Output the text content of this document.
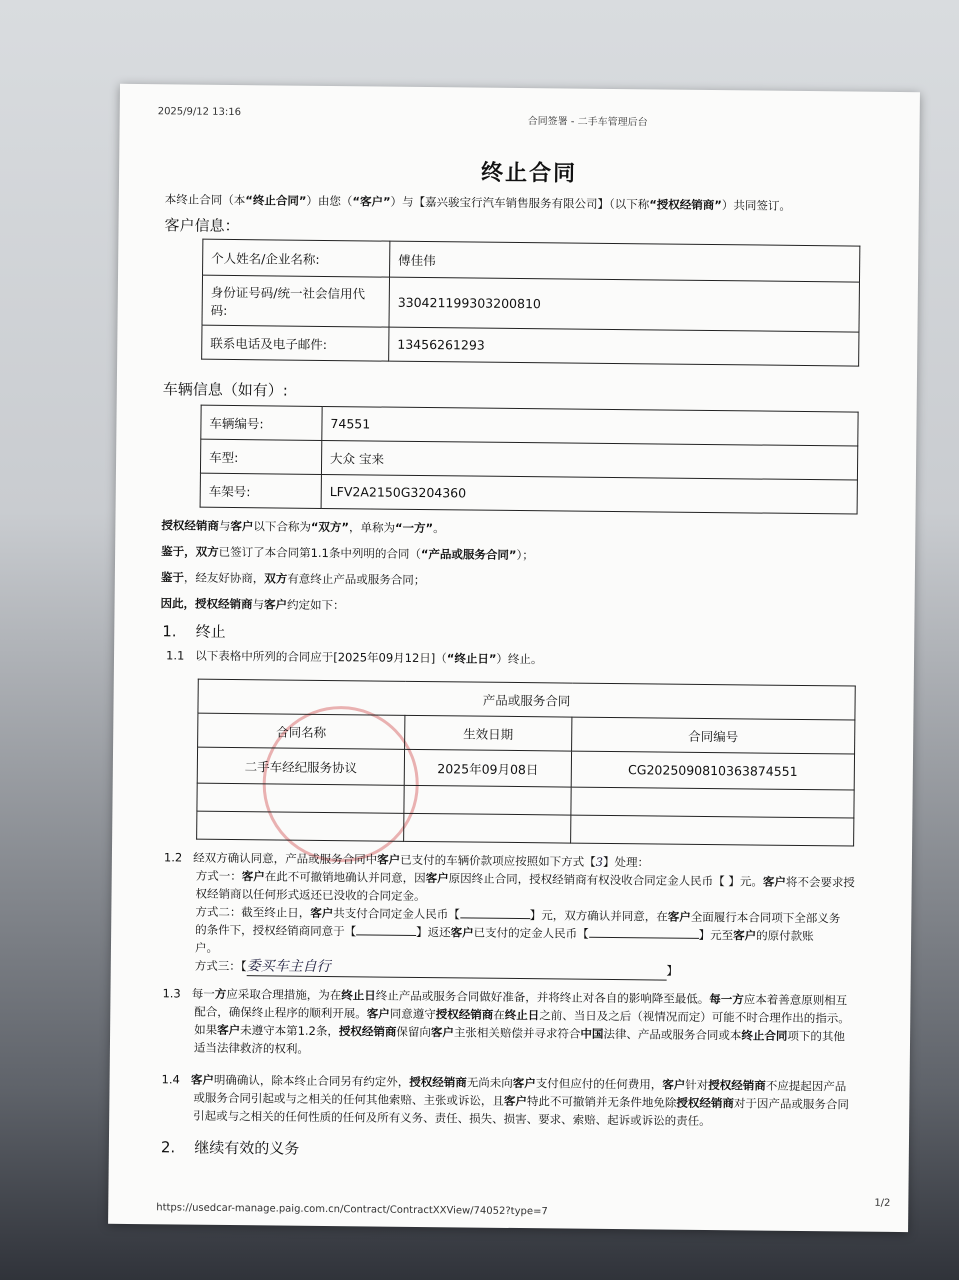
2025/9/12 13:16
合同签署 - 二手车管理后台
终止合同
本终止合同（本“终止合同”）由您（“客户”）与【嘉兴骏宝行汽车销售服务有限公司】（以下称“授权经销商”）共同签订。
客户信息：
个人姓名/企业名称:	傅佳伟
身份证号码/统一社会信用代码:	330421199303200810
联系电话及电子邮件:	13456261293
车辆信息（如有）:
车辆编号:	74551
车型:	大众 宝来
车架号:	LFV2A2150G3204360
授权经销商与客户以下合称为“双方”，单称为“一方”。
鉴于，双方已签订了本合同第1.1条中列明的合同（“产品或服务合同”）；
鉴于，经友好协商，双方有意终止产品或服务合同；
因此，授权经销商与客户约定如下：
1. 终止
1.1 以下表格中所列的合同应于[2025年09月12日]（“终止日”）终止。
产品或服务合同		
合同名称	生效日期	合同编号
二手车经纪服务协议	2025年09月08日	CG2025090810363874551

1.2 经双方确认同意，产品或服务合同中客户已支付的车辆价款项应按照如下方式【3】处理：
方式一：客户在此不可撤销地确认并同意，因客户原因终止合同，授权经销商有权没收合同定金人民币【 】元。客户将不会要求授
权经销商以任何形式返还已没收的合同定金。
方式二：截至终止日，客户共支付合同定金人民币【	】元，双方确认并同意，在客户全面履行本合同项下全部义务
的条件下，授权经销商同意于【	】返还客户已支付的定金人民币【	】元至客户的原付款账
户。
方式三：【委买车主自行	】
1.3 每一方应采取合理措施，为在终止日终止产品或服务合同做好准备，并将终止对各自的影响降至最低。每一方应本着善意原则相互
配合，确保终止程序的顺利开展。客户同意遵守授权经销商在终止日之前、当日及之后（视情况而定）可能不时合理作出的指示。
如果客户未遵守本第1.2条，授权经销商保留向客户主张相关赔偿并寻求符合中国法律、产品或服务合同或本终止合同项下的其他
适当法律救济的权利。
1.4 客户明确确认，除本终止合同另有约定外，授权经销商无尚未向客户支付但应付的任何费用，客户针对授权经销商不应提起因产品
或服务合同引起或与之相关的任何其他索赔、主张或诉讼，且客户特此不可撤销并无条件地免除授权经销商对于因产品或服务合同
引起或与之相关的任何性质的任何及所有义务、责任、损失、损害、要求、索赔、起诉或诉讼的责任。
2. 继续有效的义务
https://usedcar-manage.paig.com.cn/Contract/ContractXXView/74052?type=7	1/2
